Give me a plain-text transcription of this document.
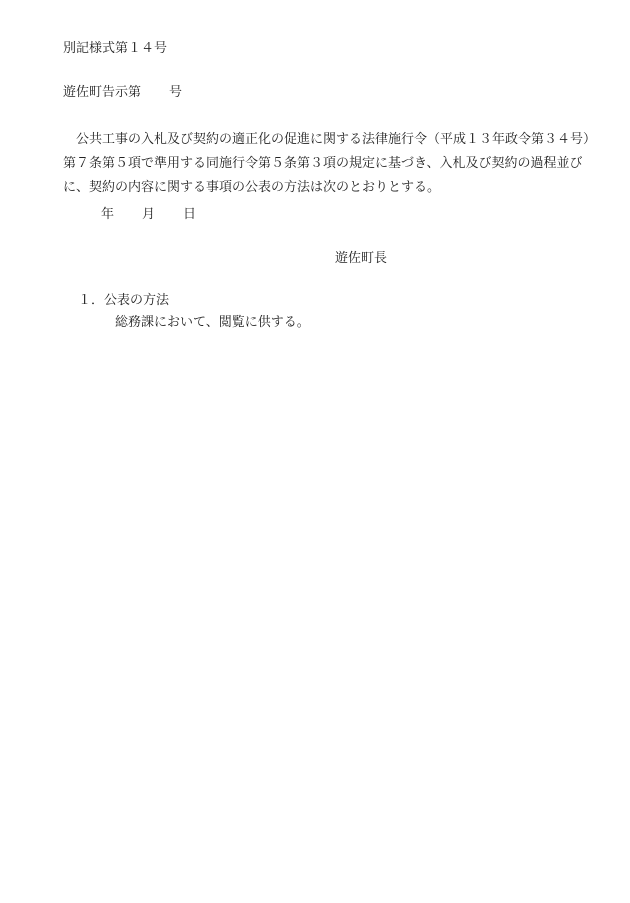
別記様式第１４号
遊佐町告示第 号
　公共工事の入札及び契約の適正化の促進に関する法律施行令（平成１３年政令第３４号）
第７条第５項で準用する同施行令第５条第３項の規定に基づき、入札及び契約の過程並び
に、契約の内容に関する事項の公表の方法は次のとおりとする。
年 月 日
遊佐町長
１．公表の方法
総務課において、閲覧に供する。
